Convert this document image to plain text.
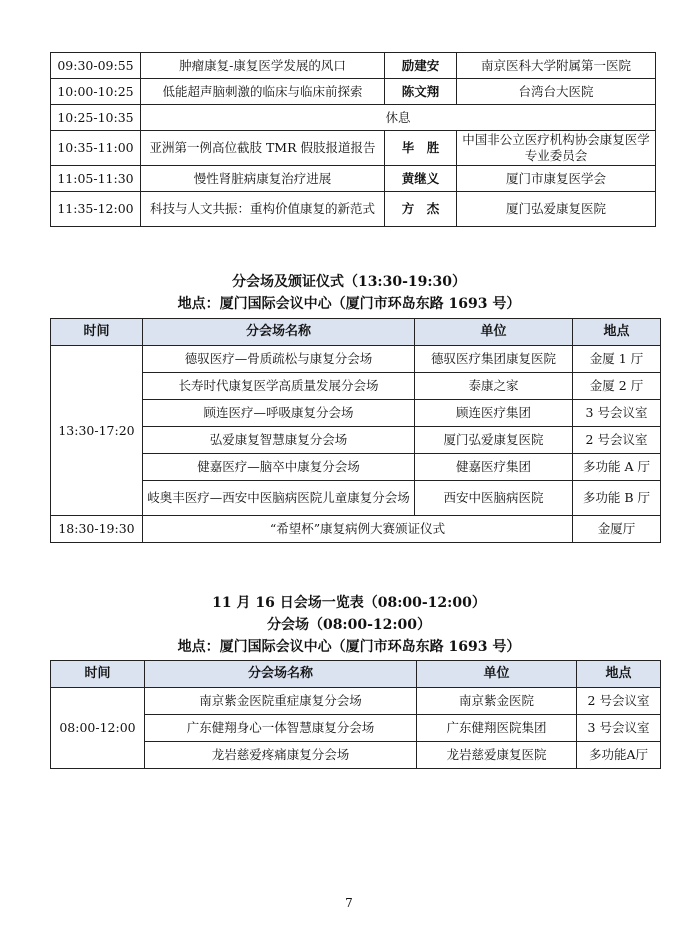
09:30-09:55	肿瘤康复-康复医学发展的风口	励建安	南京医科大学附属第一医院
10:00-10:25	低能超声脑刺激的临床与临床前探索	陈文翔	台湾台大医院
10:25-10:35	休息		
10:35-11:00	亚洲第一例高位截肢 TMR 假肢报道报告	毕　胜	中国非公立医疗机构协会康复医学专业委员会
11:05-11:30	慢性肾脏病康复治疗进展	黄继义	厦门市康复医学会
11:35-12:00	科技与人文共振：重构价值康复的新范式	方　杰	厦门弘爱康复医院
分会场及颁证仪式（13:30-19:30）
地点：厦门国际会议中心（厦门市环岛东路 1693 号）
时间	分会场名称	单位	地点
13:30-17:20	德驭医疗—骨质疏松与康复分会场	德驭医疗集团康复医院	金厦 1 厅
	长寿时代康复医学高质量发展分会场	泰康之家	金厦 2 厅
	顾连医疗—呼吸康复分会场	顾连医疗集团	3 号会议室
	弘爱康复智慧康复分会场	厦门弘爱康复医院	2 号会议室
	健嘉医疗—脑卒中康复分会场	健嘉医疗集团	多功能 A 厅
	岐奥丰医疗—西安中医脑病医院儿童康复分会场	西安中医脑病医院	多功能 B 厅
18:30-19:30	“希望杯”康复病例大赛颁证仪式		金厦厅
11 月 16 日会场一览表（08:00-12:00）
分会场（08:00-12:00）
地点：厦门国际会议中心（厦门市环岛东路 1693 号）
时间	分会场名称	单位	地点
08:00-12:00	南京紫金医院重症康复分会场	南京紫金医院	2 号会议室
	广东健翔身心一体智慧康复分会场	广东健翔医院集团	3 号会议室
	龙岩慈爱疼痛康复分会场	龙岩慈爱康复医院	多功能A厅
7
